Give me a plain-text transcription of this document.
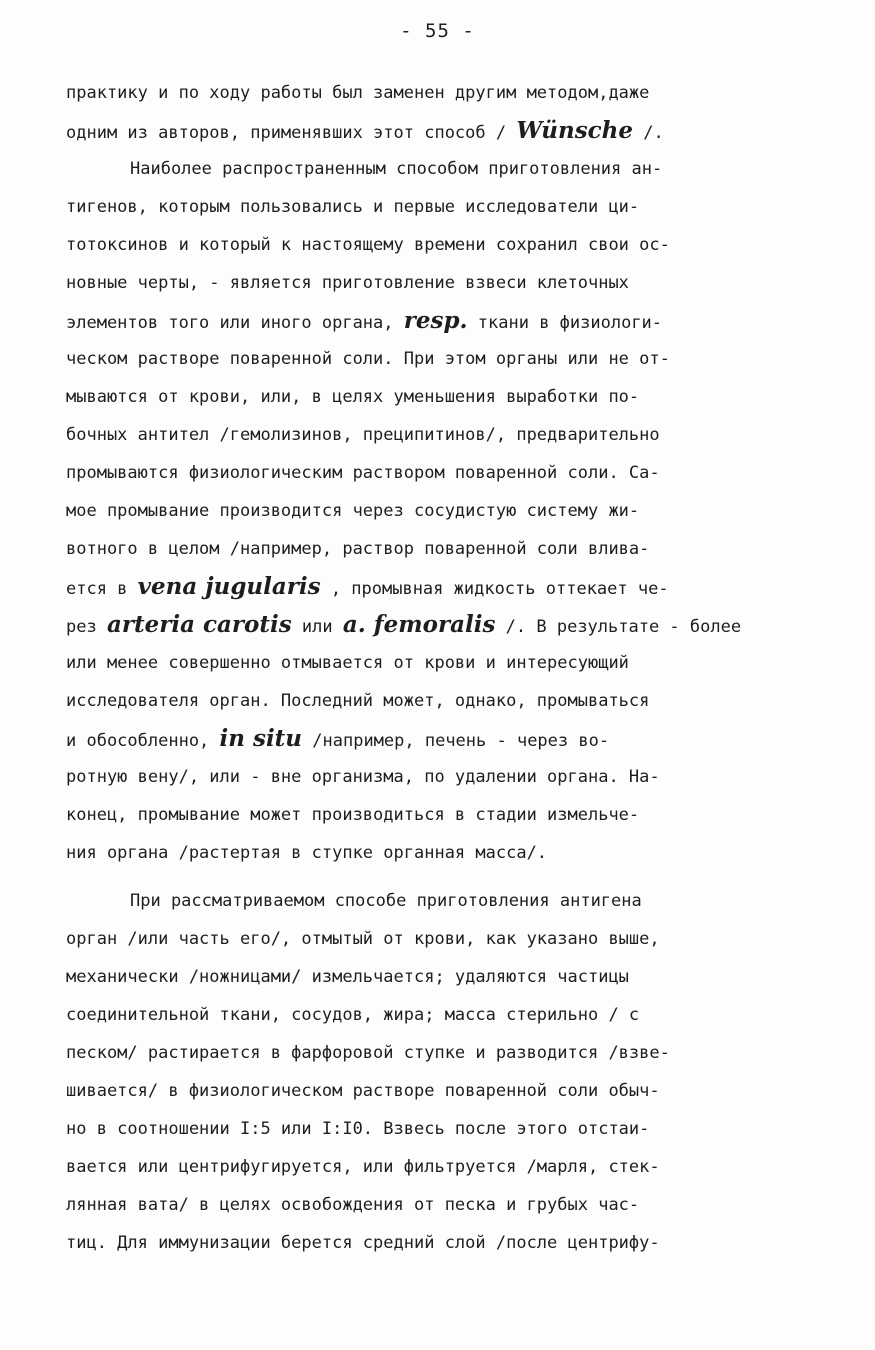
- 55 -
практику и по ходу работы был заменен другим методом,даже
одним из авторов, применявших этот способ / Wünsche /.
Наиболее распространенным способом приготовления ан-
тигенов, которым пользовались и первые исследователи ци-
тотоксинов и который к настоящему времени сохранил свои ос-
новные черты, - является приготовление взвеси клеточных
элементов того или иного органа, resp. ткани в физиологи-
ческом растворе поваренной соли. При этом органы или не от-
мываются от крови, или, в целях уменьшения выработки по-
бочных антител /гемолизинов, преципитинов/, предварительно
промываются физиологическим раствором поваренной соли. Са-
мое промывание производится через сосудистую систему жи-
вотного в целом /например, раствор поваренной соли влива-
ется в vena jugularis , промывная жидкость оттекает че-
рез arteria carotis или a. femoralis /. В результате - более
или менее совершенно отмывается от крови и интересующий
исследователя орган. Последний может, однако, промываться
и обособленно, in situ /например, печень - через во-
ротную вену/, или - вне организма, по удалении органа. На-
конец, промывание может производиться в стадии измельче-
ния органа /растертая в ступке органная масса/.
При рассматриваемом способе приготовления антигена
орган /или часть его/, отмытый от крови, как указано выше,
механически /ножницами/ измельчается; удаляются частицы
соединительной ткани, сосудов, жира; масса стерильно / с
песком/ растирается в фарфоровой ступке и разводится /взве-
шивается/ в физиологическом растворе поваренной соли обыч-
но в соотношении I:5 или I:I0. Взвесь после этого отстаи-
вается или центрифугируется, или фильтруется /марля, стек-
лянная вата/ в целях освобождения от песка и грубых час-
тиц. Для иммунизации берется средний слой /после центрифу-
